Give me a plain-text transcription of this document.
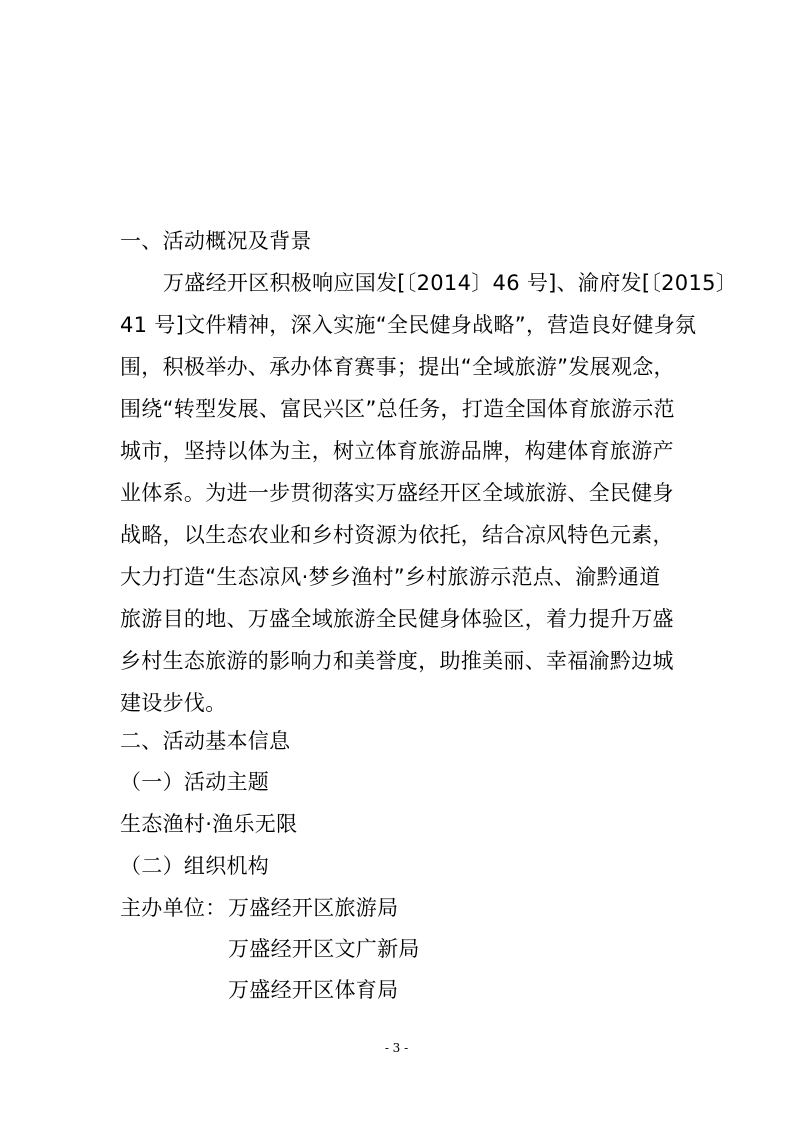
一、活动概况及背景
万盛经开区积极响应国发[〔2014〕46 号]、渝府发[〔2015〕
41 号]文件精神，深入实施“全民健身战略”，营造良好健身氛
围，积极举办、承办体育赛事；提出“全域旅游”发展观念，
围绕“转型发展、富民兴区”总任务，打造全国体育旅游示范
城市，坚持以体为主，树立体育旅游品牌，构建体育旅游产
业体系。为进一步贯彻落实万盛经开区全域旅游、全民健身
战略，以生态农业和乡村资源为依托，结合凉风特色元素，
大力打造“生态凉风·梦乡渔村”乡村旅游示范点、渝黔通道
旅游目的地、万盛全域旅游全民健身体验区，着力提升万盛
乡村生态旅游的影响力和美誉度，助推美丽、幸福渝黔边城
建设步伐。
二、活动基本信息
（一）活动主题
生态渔村·渔乐无限
（二）组织机构
主办单位： 万盛经开区旅游局
万盛经开区文广新局
万盛经开区体育局
- 3 -
